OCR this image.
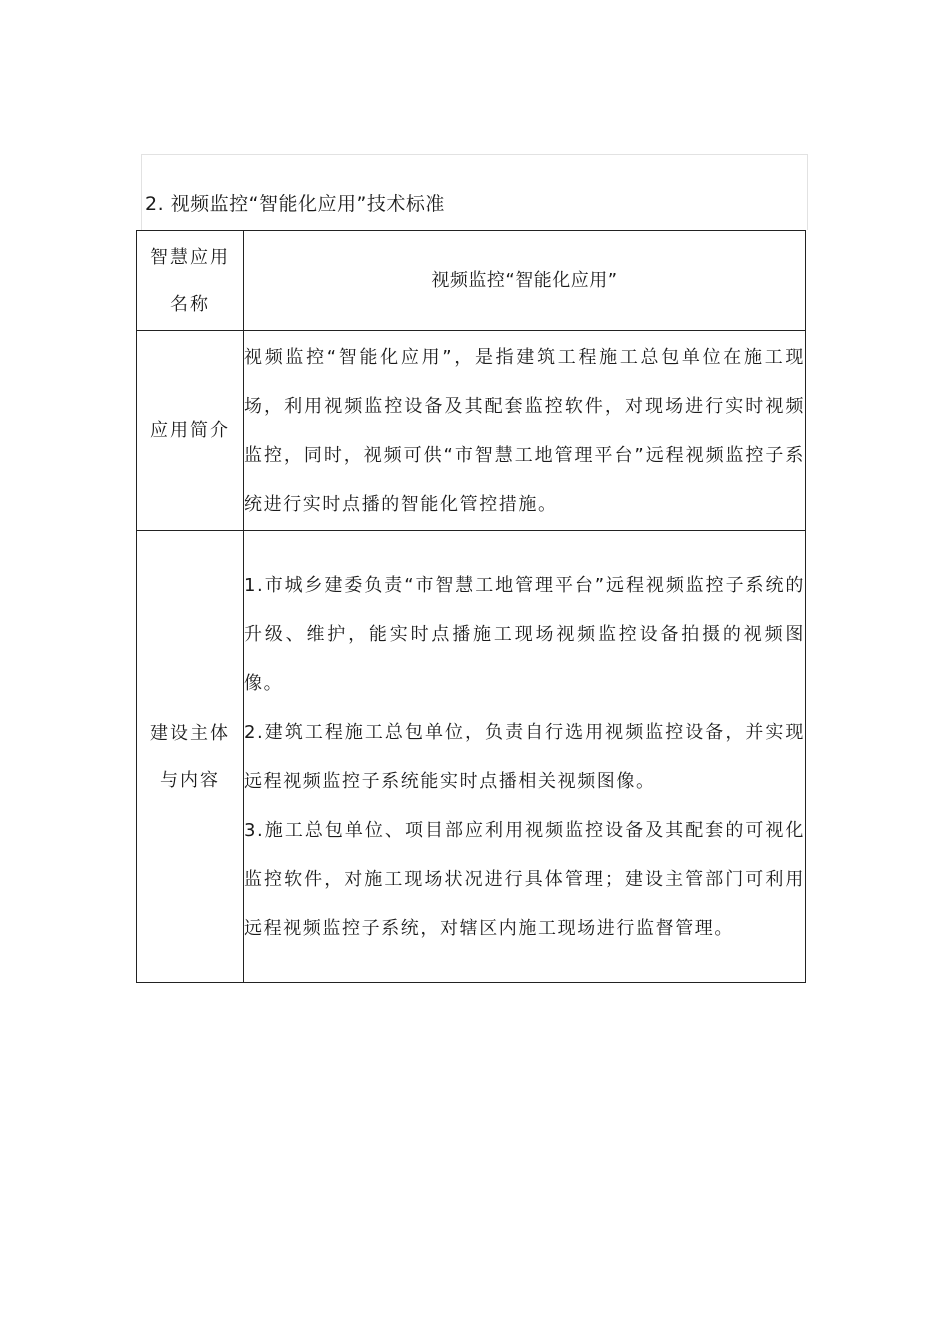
2. 视频监控“智能化应用”技术标准
智慧应用
名称	视频监控“智能化应用”

应用简介	视频监控“智能化应用”，是指建筑工程施工总包单位在施工现场，利用视频监控设备及其配套监控软件，对现场进行实时视频监控，同时，视频可供“市智慧工地管理平台”远程视频监控子系统进行实时点播的智能化管控措施。

建设主体
与内容	1.市城乡建委负责“市智慧工地管理平台”远程视频监控子系统的升级、维护，能实时点播施工现场视频监控设备拍摄的视频图像。
2.建筑工程施工总包单位，负责自行选用视频监控设备，并实现远程视频监控子系统能实时点播相关视频图像。
3.施工总包单位、项目部应利用视频监控设备及其配套的可视化监控软件，对施工现场状况进行具体管理；建设主管部门可利用远程视频监控子系统，对辖区内施工现场进行监督管理。
